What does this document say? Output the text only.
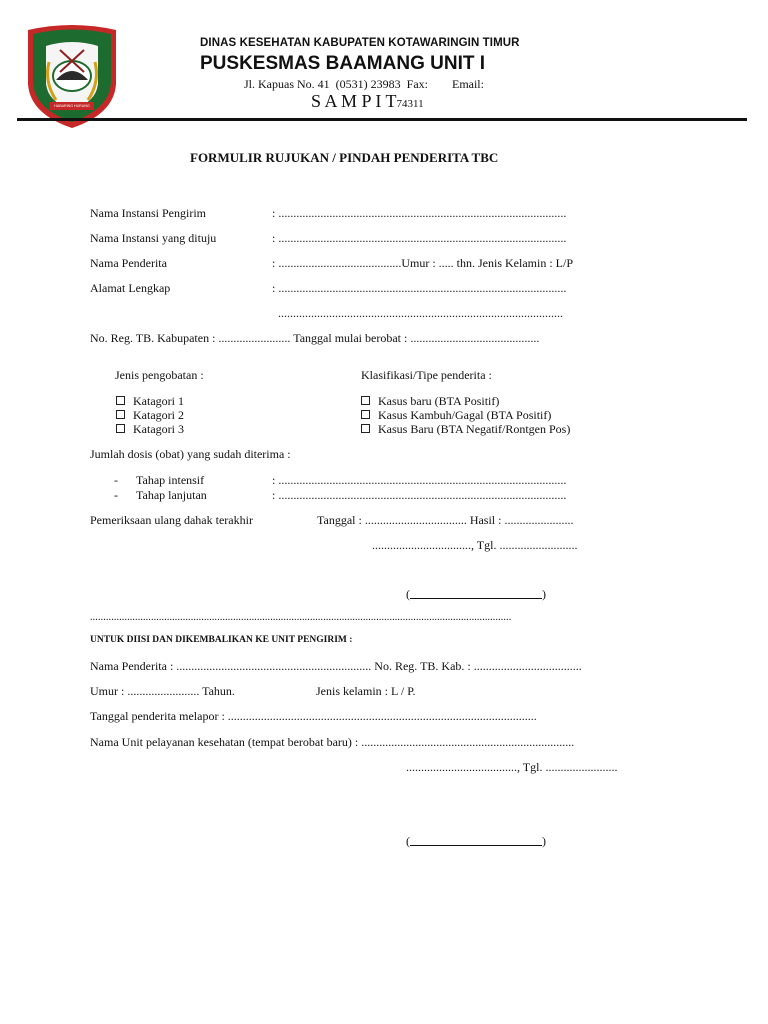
HABARING HURUNG
DINAS KESEHATAN KABUPATEN KOTAWARINGIN TIMUR
PUSKESMAS BAAMANG UNIT I
Jl. Kapuas No. 41  (0531) 23983  Fax:        Email:
S A M P I T74311
FORMULIR RUJUKAN / PINDAH PENDERITA TBC
Nama Instansi Pengirim	: ................................................................................................
Nama Instansi yang dituju	: ................................................................................................
Nama Penderita	: .........................................Umur : ..... thn. Jenis Kelamin : L/P
Alamat Lengkap	: ................................................................................................
...............................................................................................
No. Reg. TB. Kabupaten : ........................ Tanggal mulai berobat : ...........................................
Jenis pengobatan :
Katagori 1
Katagori 2
Katagori 3
Klasifikasi/Tipe penderita :
Kasus baru (BTA Positif)
Kasus Kambuh/Gagal (BTA Positif)
Kasus Baru (BTA Negatif/Rontgen Pos)
Jumlah dosis (obat) yang sudah diterima :
- Tahap intensif	: ................................................................................................
- Tahap lanjutan	: ................................................................................................
Pemeriksaan ulang dahak terakhir	Tanggal : .................................. Hasil : .......................
................................., Tgl. ..........................
(	)
...............................................................................................................................................................
UNTUK DIISI DAN DIKEMBALIKAN KE UNIT PENGIRIM :
Nama Penderita : ................................................................. No. Reg. TB. Kab. : ....................................
Umur : ........................ Tahun.	Jenis kelamin : L / P.
Tanggal penderita melapor : .......................................................................................................
Nama Unit pelayanan kesehatan (tempat berobat baru) : .......................................................................
....................................., Tgl. ........................
(	)
